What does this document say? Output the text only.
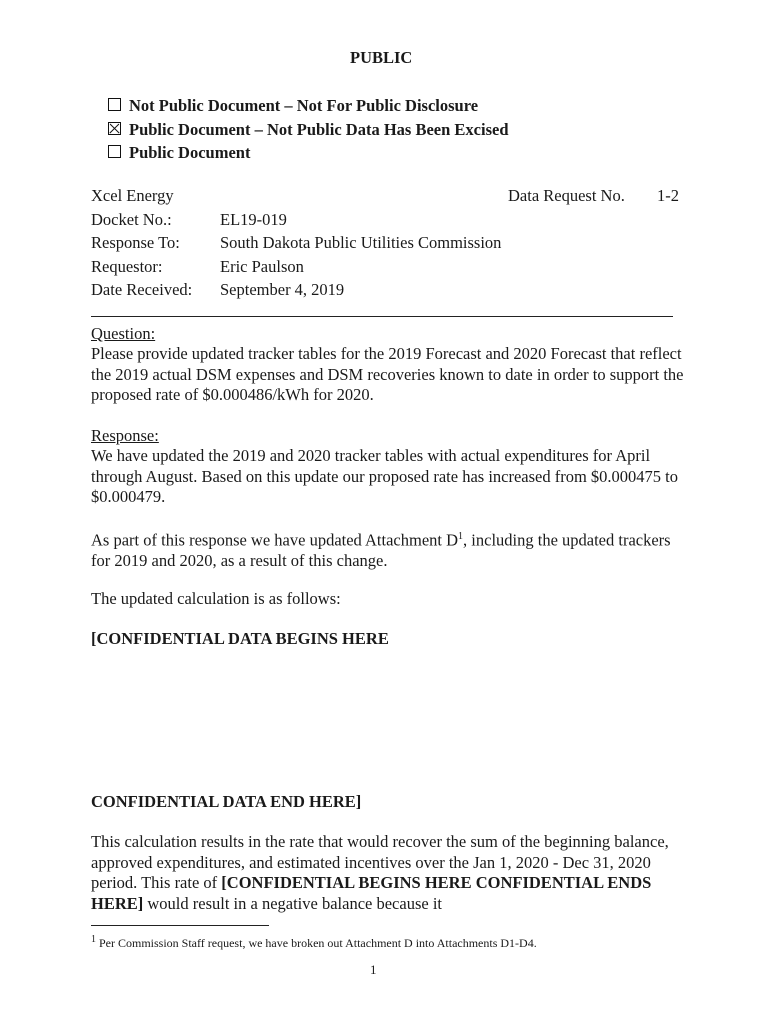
PUBLIC
Not Public Document – Not For Public Disclosure
Public Document – Not Public Data Has Been Excised
Public Document
Xcel Energy	Data Request No. 1-2
Docket No.:	EL19-019
Response To: South Dakota Public Utilities Commission
Requestor:	Eric Paulson
Date Received: September 4, 2019
Question:
Please provide updated tracker tables for the 2019 Forecast and 2020 Forecast that reflect the 2019 actual DSM expenses and DSM recoveries known to date in order to support the proposed rate of $0.000486/kWh for 2020.
Response:
We have updated the 2019 and 2020 tracker tables with actual expenditures for April through August. Based on this update our proposed rate has increased from $0.000475 to $0.000479.
As part of this response we have updated Attachment $D^1$, including the updated trackers for 2019 and 2020, as a result of this change.
The updated calculation is as follows:
[CONFIDENTIAL DATA BEGINS HERE
CONFIDENTIAL DATA END HERE]
This calculation results in the rate that would recover the sum of the beginning balance, approved expenditures, and estimated incentives over the Jan 1, 2020 - Dec 31, 2020 period. This rate of [CONFIDENTIAL BEGINS HERE CONFIDENTIAL ENDS HERE] would result in a negative balance because it
$^1$ Per Commission Staff request, we have broken out Attachment D into Attachments D1-D4.
1
